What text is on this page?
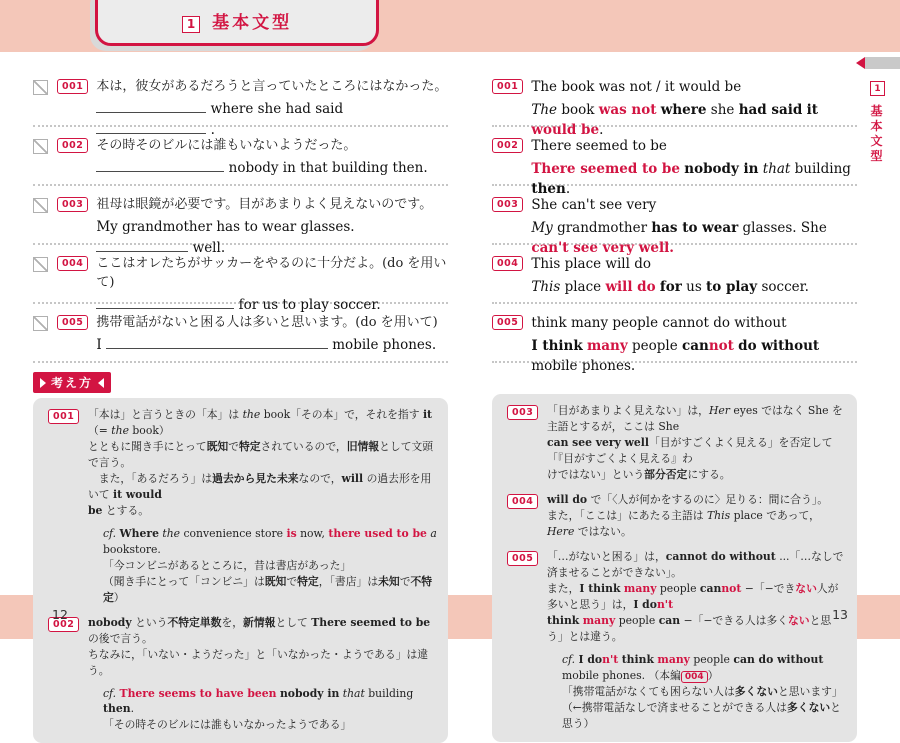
1 基本文型
001	本は，彼女があるだろうと言っていたところにはなかった。
where she had said  .
002	その時そのビルには誰もいないようだった。
nobody in that building then.
003	祖母は眼鏡が必要です。目があまりよく見えないのです。
My grandmother has to wear glasses.  well.
004	ここはオレたちがサッカーをやるのに十分だよ。(do を用いて)
for us to play soccer.
005	携帯電話がないと困る人は多いと思います。(do を用いて)
I	mobile phones.
考え方
001	「本は」と言うときの「本」は the book「その本」で，それを指す it（= the book）
とともに聞き手にとって既知で特定されているので，旧情報として文頭で言う。
　また，「あるだろう」は過去から見た未来なので，will の過去形を用いて it would
be とする。
cf. Where the convenience store is now, there used to be a bookstore.
「今コンビニがあるところに，昔は書店があった」
（聞き手にとって「コンビニ」は既知で特定，「書店」は未知で不特定）
002	nobody という不特定単数を，新情報として There seemed to be の後で言う。
ちなみに，「いない・ようだった」と「いなかった・ようである」は違う。
cf. There seems to have been nobody in that building then.
「その時そのビルには誰もいなかったようである」
001 The book was not / it would be
The book was not where she had said it would be.
002 There seemed to be
There seemed to be nobody in that building then.
003 She can't see very
My grandmother has to wear glasses. She can't see very well.
004 This place will do
This place will do for us to play soccer.
005 think many people cannot do without
I think many people cannot do without mobile phones.
003	「目があまりよく見えない」は，Her eyes ではなく She を主語とするが，ここは She
can see very well「目がすごくよく見える」を否定して「『目がすごくよく見える』わ
けではない」という部分否定にする。
004	will do で「〈人が何かをするのに〉足りる：間に合う」。
また，「ここは」にあたる主語は This place であって，Here ではない。
005	「…がないと困る」は，cannot do without ...「…なしで済ませることができない」。
また，I think many people cannot −「−できない人が多いと思う」は，I don't
think many people can −「−できる人は多くないと思う」とは違う。
cf. I don't think many people can do without mobile phones. （本編 004 ）
「携帯電話がなくても困らない人は多くないと思います」
（←携帯電話なしで済ませることができる人は多くないと思う）
1
基
本
文
型
12	13
